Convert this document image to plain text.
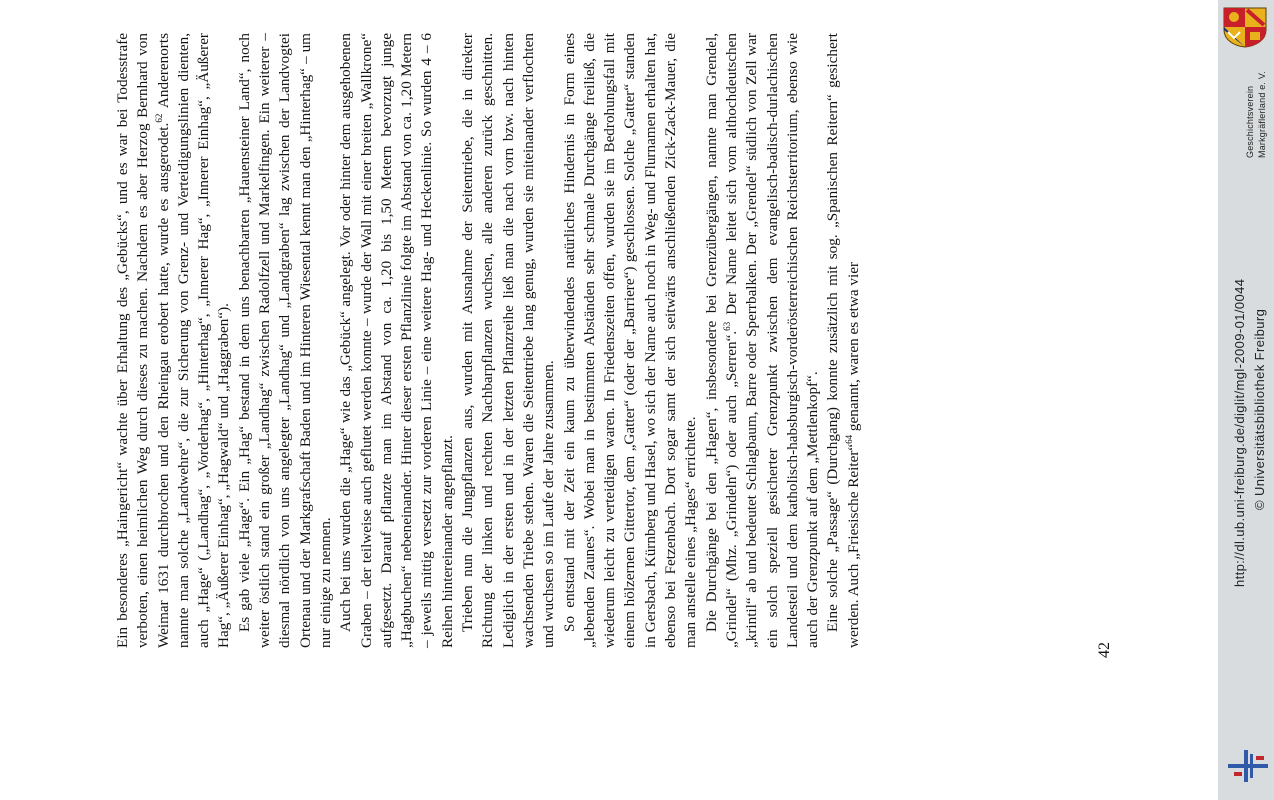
Geschichtsverein Markgräflerland e. V.
http://dl.ub.uni-freiburg.de/diglit/mgl-2009-01/0044 © Universitätsbibliothek Freiburg

Ein besonderes „Haingericht“ wachte über Erhaltung des „Gebücks“, und es war bei Todesstrafe verboten, einen heimlichen Weg durch dieses zu machen. Nachdem es aber Herzog Bernhard von Weimar 1631 durchbrochen und den Rheingau erobert hatte, wurde es ausgerodet.$^{62}$ Anderenorts nannte man solche „Landwehre“, die zur Sicherung von Grenz- und Verteidigungslinien dienten, auch „Hage“ („Landhag“, „Vorderhag“, „Hinterhag“, „Innerer Hag“, „Innerer Einhag“, „Äußerer Hag“, „Äußerer Einhag“, „Hagwald“ und „Haggraben“). Es gab viele „Hage“. Ein „Hag“ bestand in dem uns benachbarten „Hauensteiner Land“, noch weiter östlich stand ein großer „Landhag“ zwischen Radolfzell und Markelfingen. Ein weiterer – diesmal nördlich von uns angelegter „Landhag“ und „Landgraben“ lag zwischen der Landvogtei Ortenau und der Markgrafschaft Baden und im Hinteren Wiesental kennt man den „Hinterhag“ – um nur einige zu nennen. Auch bei uns wurden die „Hage“ wie das „Gebück“ angelegt. Vor oder hinter dem ausgehobenen Graben – der teilweise auch geflutet werden konnte – wurde der Wall mit einer breiten „Wallkrone“ aufgesetzt. Darauf pflanzte man im Abstand von ca. 1,20 bis 1,50 Metern bevorzugt junge „Hagbuchen“ nebeneinander. Hinter dieser ersten Pflanzlinie folgte im Abstand von ca. 1,20 Metern – jeweils mittig versetzt zur vorderen Linie – eine weitere Hag- und Heckenlinie. So wurden 4 – 6 Reihen hintereinander angepflanzt. Trieben nun die Jungpflanzen aus, wurden mit Ausnahme der Seitentriebe, die in direkter Richtung der linken und rechten Nachbarpflanzen wuchsen, alle anderen zurück geschnitten. Lediglich in der ersten und in der letzten Pflanzreihe ließ man die nach vorn bzw. nach hinten wachsenden Triebe stehen. Waren die Seitentriebe lang genug, wurden sie miteinander verflochten und wuchsen so im Laufe der Jahre zusammen. So entstand mit der Zeit ein kaum zu überwindendes natürliches Hindernis in Form eines „lebenden Zaunes“. Wobei man in bestimmten Abständen sehr schmale Durchgänge freiließ, die wiederum leicht zu verteidigen waren. In Friedenszeiten offen, wurden sie im Bedrohungsfall mit einem hölzernen Gittertor, dem „Gatter“ (oder der „Barriere“) geschlossen. Solche „Gatter“ standen in Gersbach, Kürnberg und Hasel, wo sich der Name auch noch in Weg- und Flurnamen erhalten hat, ebenso bei Fetzenbach. Dort sogar samt der sich seitwärts anschließenden Zick-Zack-Mauer, die man anstelle eines „Hages“ errichtete. Die Durchgänge bei den „Hagen“, insbesondere bei Grenzübergängen, nannte man Grendel, „Grindel“ (Mhz. „Grindeln“) oder auch „Serren“.$^{63}$ Der Name leitet sich vom althochdeutschen „krintil“ ab und bedeutet Schlagbaum, Barre oder Sperrbalken. Der „Grendel“ südlich von Zell war ein solch speziell gesicherter Grenzpunkt zwischen dem evangelisch-badisch-durlachischen Landesteil und dem katholisch-habsburgisch-vorderösterreichischen Reichsterritorium, ebenso wie auch der Grenzpunkt auf dem „Mettlenkopf“. Eine solche „Passage“ (Durchgang) konnte zusätzlich mit sog. „Spanischen Reitern“ gesichert werden. Auch „Friesische Reiter“$^{64}$ genannt, waren es etwa vier

42
